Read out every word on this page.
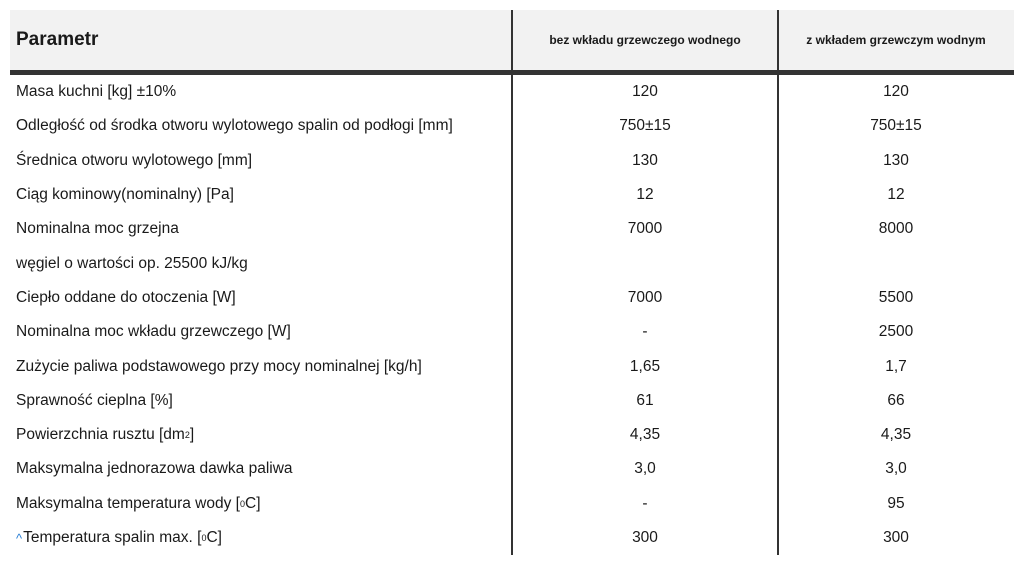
Parametr	bez wkładu grzewczego wodnego	z wkładem grzewczym wodnym
Masa kuchni [kg] ±10%	120	120
Odległość od środka otworu wylotowego spalin od podłogi [mm]	750±15	750±15
Średnica otworu wylotowego [mm]	130	130
Ciąg kominowy(nominalny) [Pa]	12	12
Nominalna moc grzejna	7000	8000
węgiel o wartości op. 25500 kJ/kg
Ciepło oddane do otoczenia [W]	7000	5500
Nominalna moc wkładu grzewczego [W]	-	2500
Zużycie paliwa podstawowego przy mocy nominalnej [kg/h]	1,65	1,7
Sprawność cieplna [%]	61	66
Powierzchnia rusztu [dm 2 ]	4,35	4,35
Maksymalna jednorazowa dawka paliwa	3,0	3,0
Maksymalna temperatura wody [ 0 C]	-	95
^ Temperatura spalin max. [ 0 C]	300	300
